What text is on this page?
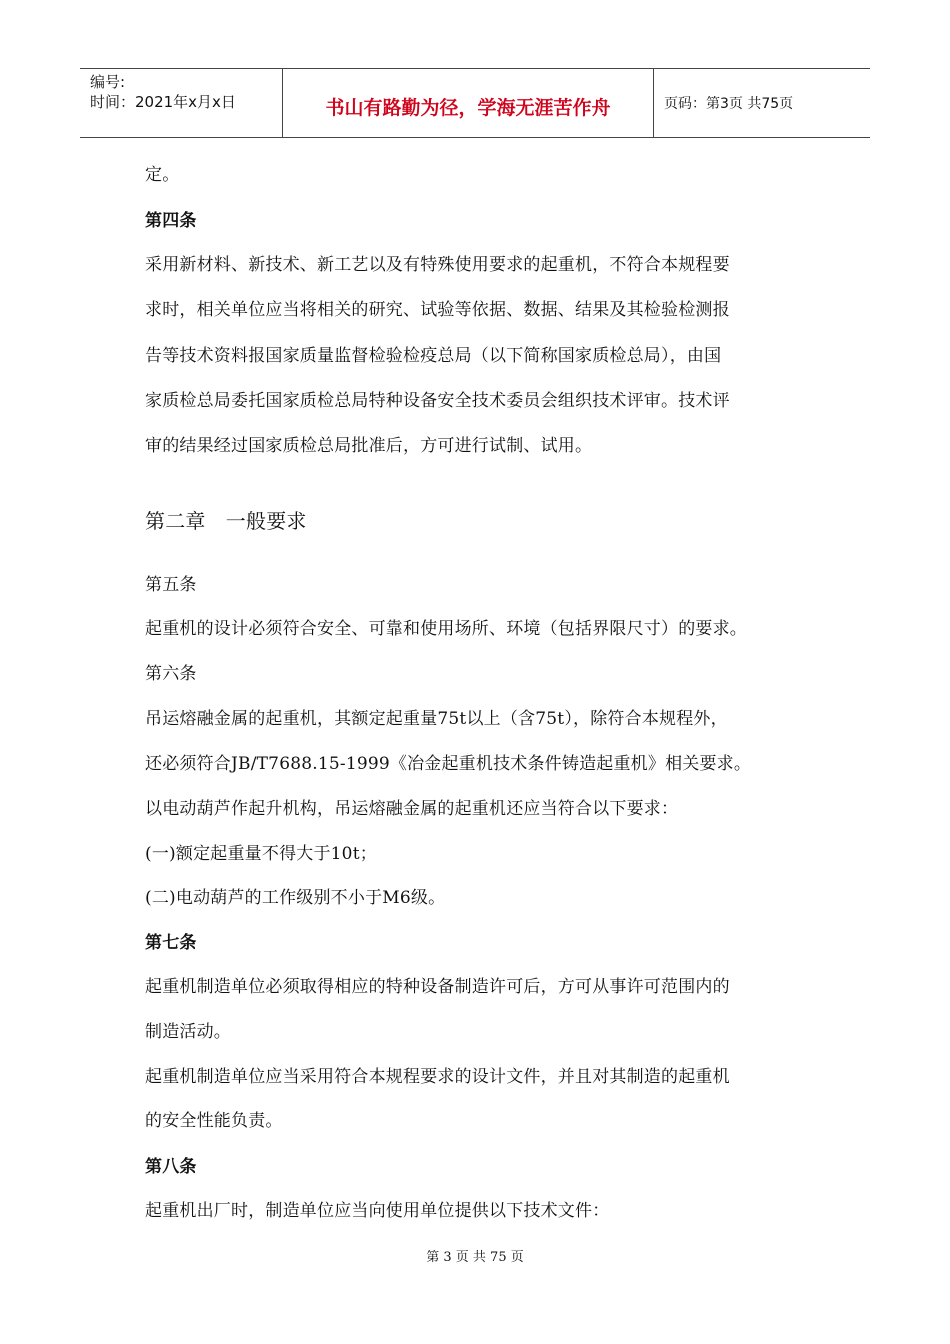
编号:
时间：2021年x月x日	书山有路勤为径，学海无涯苦作舟	页码：第3页 共75页
定。
第四条
采用新材料、新技术、新工艺以及有特殊使用要求的起重机，不符合本规程要
求时，相关单位应当将相关的研究、试验等依据、数据、结果及其检验检测报
告等技术资料报国家质量监督检验检疫总局（以下简称国家质检总局），由国
家质检总局委托国家质检总局特种设备安全技术委员会组织技术评审。技术评
审的结果经过国家质检总局批准后，方可进行试制、试用。
第二章　一般要求
第五条
起重机的设计必须符合安全、可靠和使用场所、环境（包括界限尺寸）的要求。
第六条
吊运熔融金属的起重机，其额定起重量75t以上（含75t），除符合本规程外，
还必须符合JB/T7688.15-1999《冶金起重机技术条件铸造起重机》相关要求。
以电动葫芦作起升机构，吊运熔融金属的起重机还应当符合以下要求：
(一)额定起重量不得大于10t；
(二)电动葫芦的工作级别不小于M6级。
第七条
起重机制造单位必须取得相应的特种设备制造许可后，方可从事许可范围内的
制造活动。
起重机制造单位应当采用符合本规程要求的设计文件，并且对其制造的起重机
的安全性能负责。
第八条
起重机出厂时，制造单位应当向使用单位提供以下技术文件：
第 3 页 共 75 页
